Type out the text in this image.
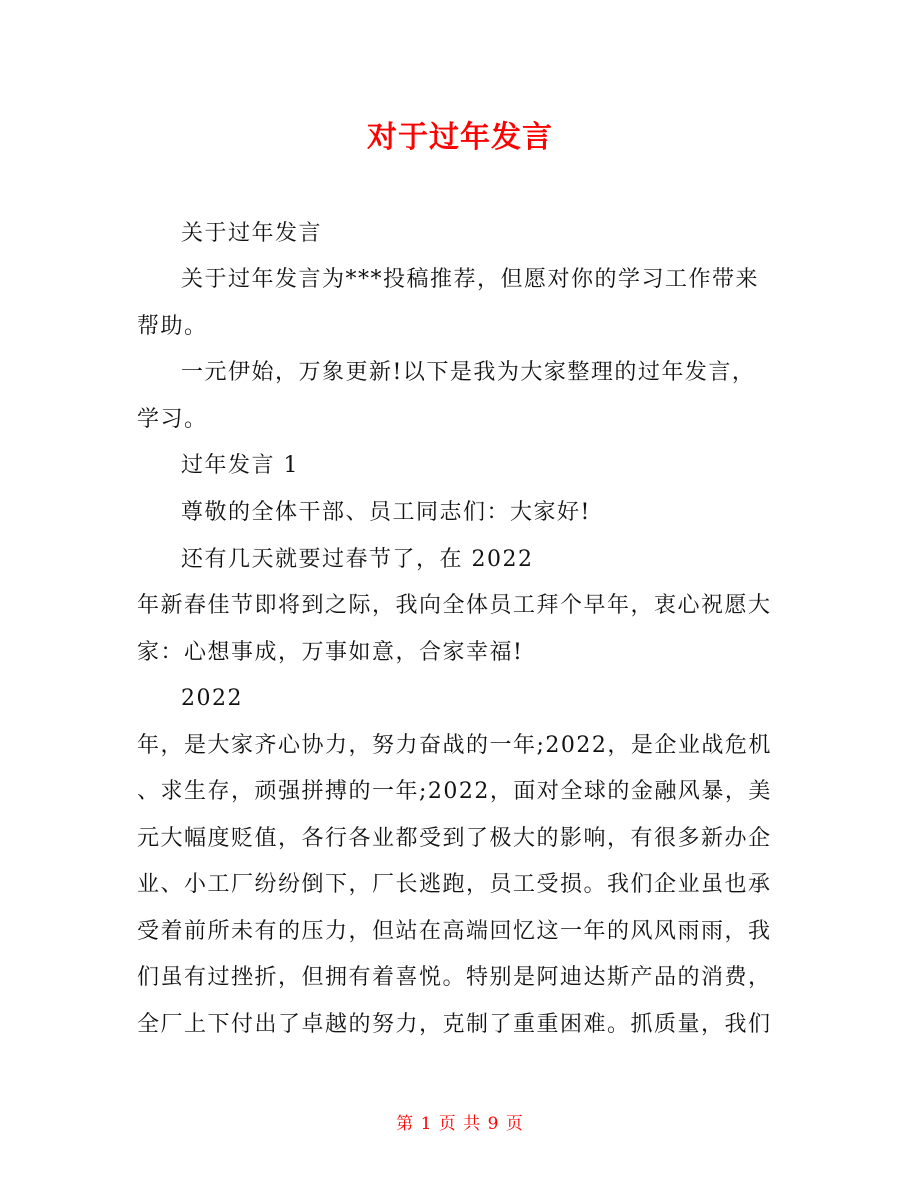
对于过年发言
关于过年发言
关于过年发言为***投稿推荐，但愿对你的学习工作带来
帮助。
一元伊始，万象更新!以下是我为大家整理的过年发言，
学习。
过年发言 1
尊敬的全体干部、员工同志们：大家好!
还有几天就要过春节了，在 2022
年新春佳节即将到之际，我向全体员工拜个早年，衷心祝愿大
家：心想事成，万事如意，合家幸福!
2022
年，是大家齐心协力，努力奋战的一年;2022，是企业战危机
、求生存，顽强拼搏的一年;2022，面对全球的金融风暴，美
元大幅度贬值，各行各业都受到了极大的影响，有很多新办企
业、小工厂纷纷倒下，厂长逃跑，员工受损。我们企业虽也承
受着前所未有的压力，但站在高端回忆这一年的风风雨雨，我
们虽有过挫折，但拥有着喜悦。特别是阿迪达斯产品的消费，
全厂上下付出了卓越的努力，克制了重重困难。抓质量，我们
第 1 页 共 9 页
